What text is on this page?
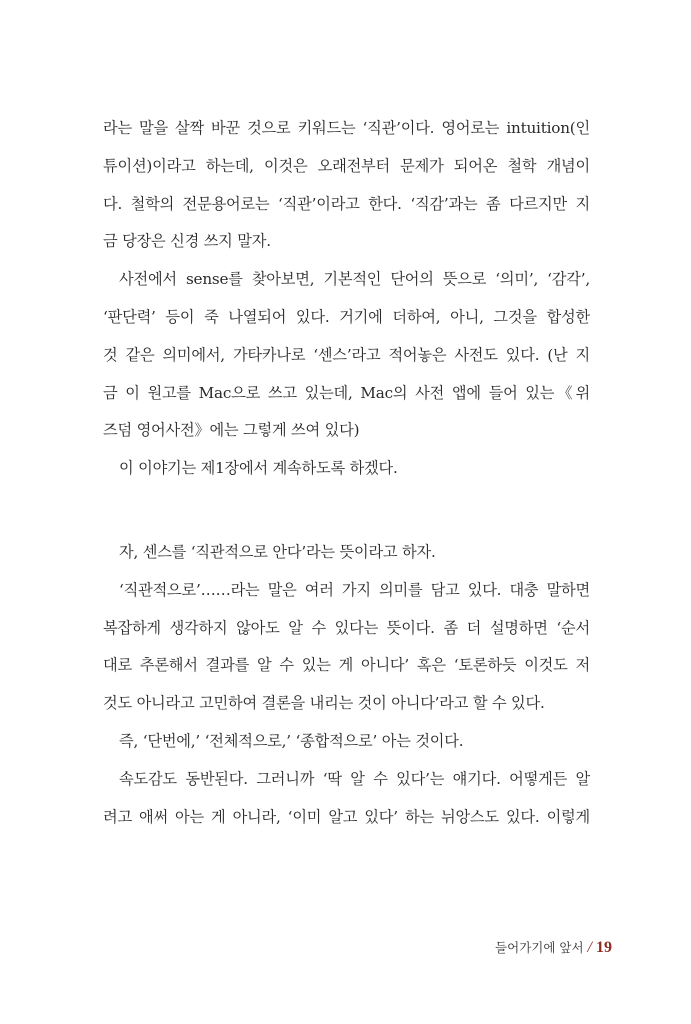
라는 말을 살짝 바꾼 것으로 키워드는 ‘직관’이다. 영어로는 intuition(인
튜이션)이라고 하는데, 이것은 오래전부터 문제가 되어온 철학 개념이
다. 철학의 전문용어로는 ‘직관’이라고 한다. ‘직감’과는 좀 다르지만 지
금 당장은 신경 쓰지 말자.
사전에서 sense를 찾아보면, 기본적인 단어의 뜻으로 ‘의미’, ‘감각’,
‘판단력’ 등이 죽 나열되어 있다. 거기에 더하여, 아니, 그것을 합성한
것 같은 의미에서, 가타카나로 ‘센스’라고 적어놓은 사전도 있다. (난 지
금 이 원고를 Mac으로 쓰고 있는데, Mac의 사전 앱에 들어 있는《위
즈덤 영어사전》에는 그렇게 쓰여 있다)
이 이야기는 제1장에서 계속하도록 하겠다.
자, 센스를 ‘직관적으로 안다’라는 뜻이라고 하자.
‘직관적으로’……라는 말은 여러 가지 의미를 담고 있다. 대충 말하면
복잡하게 생각하지 않아도 알 수 있다는 뜻이다. 좀 더 설명하면 ‘순서
대로 추론해서 결과를 알 수 있는 게 아니다’ 혹은 ‘토론하듯 이것도 저
것도 아니라고 고민하여 결론을 내리는 것이 아니다’라고 할 수 있다.
즉, ‘단번에,’ ‘전체적으로,’ ‘종합적으로’ 아는 것이다.
속도감도 동반된다. 그러니까 ‘딱 알 수 있다’는 얘기다. 어떻게든 알
려고 애써 아는 게 아니라, ‘이미 알고 있다’ 하는 뉘앙스도 있다. 이렇게
들어가기에 앞서 / 19
